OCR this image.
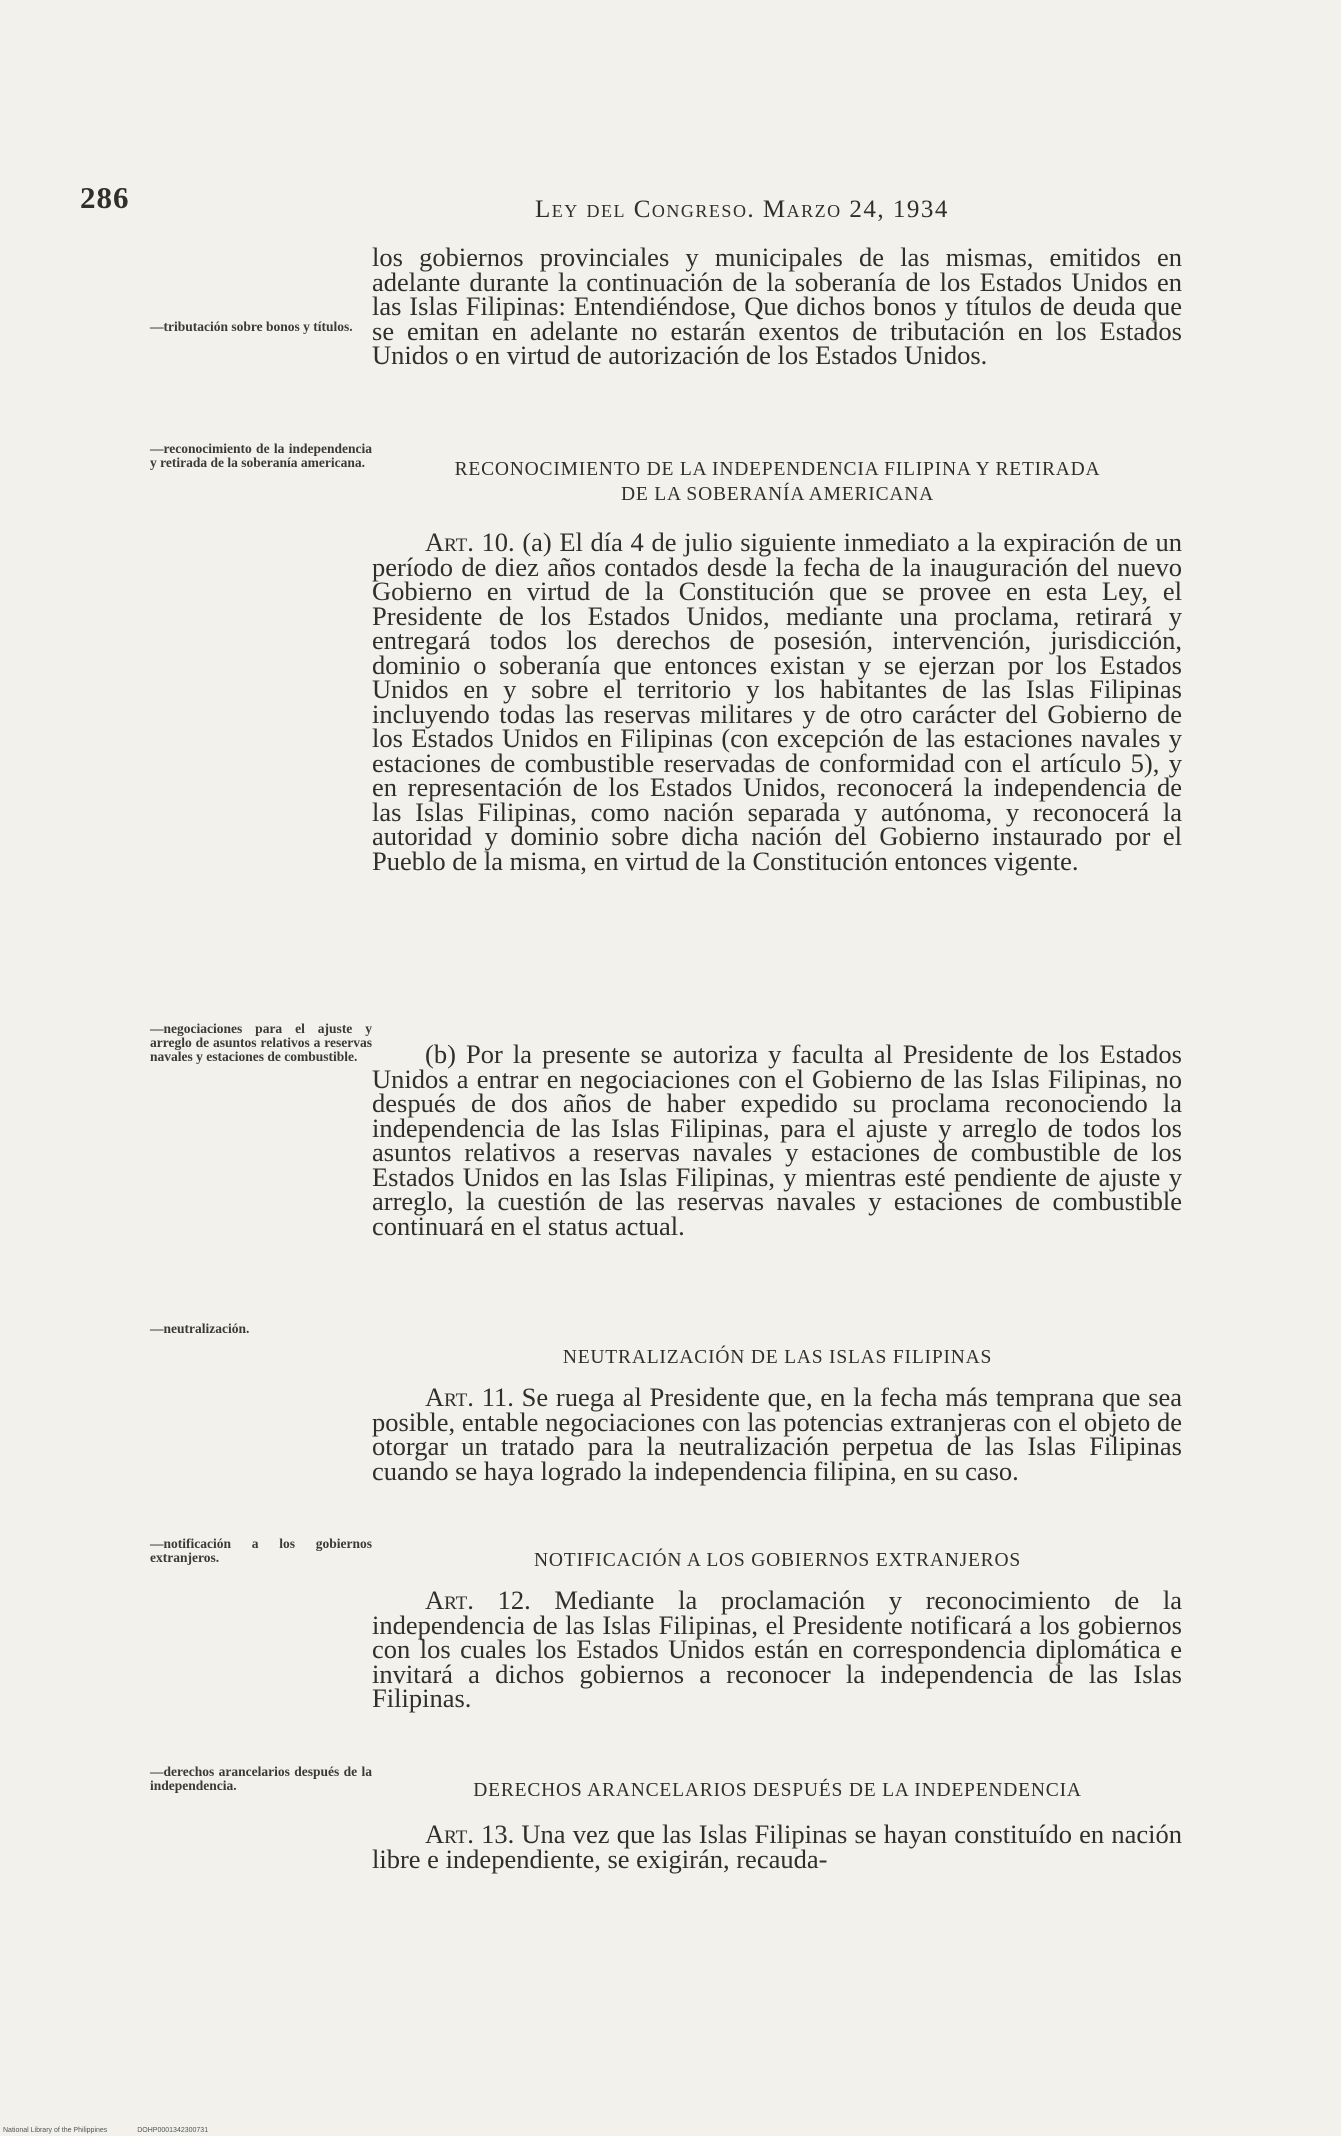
286	Ley del Congreso. Marzo 24, 1934

los gobiernos provinciales y municipales de las mismas, emitidos en adelante durante la continuación de la soberanía de los Estados Unidos en las Islas Filipinas: Entendiéndose, Que dichos bonos y títulos de deuda que se emitan en adelante no estarán exentos de tributación en los Estados Unidos o en virtud de autorización de los Estados Unidos.

—tributación sobre bonos y títulos.
—reconocimiento de la independencia y retirada de la soberanía americana.	RECONOCIMIENTO DE LA INDEPENDENCIA FILIPINA Y RETIRADA
DE LA SOBERANÍA AMERICANA

Art. 10. (a) El día 4 de julio siguiente inmediato a la expiración de un período de diez años contados desde la fecha de la inauguración del nuevo Gobierno en virtud de la Constitución que se provee en esta Ley, el Presidente de los Estados Unidos, mediante una proclama, retirará y entregará todos los derechos de posesión, intervención, jurisdicción, dominio o soberanía que entonces existan y se ejerzan por los Estados Unidos en y sobre el territorio y los habitantes de las Islas Filipinas incluyendo todas las reservas militares y de otro carácter del Gobierno de los Estados Unidos en Filipinas (con excepción de las estaciones navales y estaciones de combustible reservadas de conformidad con el artículo 5), y en representación de los Estados Unidos, reconocerá la independencia de las Islas Filipinas, como nación separada y autónoma, y reconocerá la autoridad y dominio sobre dicha nación del Gobierno instaurado por el Pueblo de la misma, en virtud de la Constitución entonces vigente.

—negociaciones para el ajuste y arreglo de asuntos relativos a reservas navales y estaciones de combustible.	(b) Por la presente se autoriza y faculta al Presidente de los Estados Unidos a entrar en negociaciones con el Gobierno de las Islas Filipinas, no después de dos años de haber expedido su proclama reconociendo la independencia de las Islas Filipinas, para el ajuste y arreglo de todos los asuntos relativos a reservas navales y estaciones de combustible de los Estados Unidos en las Islas Filipinas, y mientras esté pendiente de ajuste y arreglo, la cuestión de las reservas navales y estaciones de combustible continuará en el status actual.

—neutralización.
NEUTRALIZACIÓN DE LAS ISLAS FILIPINAS

Art. 11. Se ruega al Presidente que, en la fecha más temprana que sea posible, entable negociaciones con las potencias extranjeras con el objeto de otorgar un tratado para la neutralización perpetua de las Islas Filipinas cuando se haya logrado la independencia filipina, en su caso.

—notificación a los gobiernos extranjeros.	NOTIFICACIÓN A LOS GOBIERNOS EXTRANJEROS

Art. 12. Mediante la proclamación y reconocimiento de la independencia de las Islas Filipinas, el Presidente notificará a los gobiernos con los cuales los Estados Unidos están en correspondencia diplomática e invitará a dichos gobiernos a reconocer la independencia de las Islas Filipinas.

—derechos arancelarios después de la independencia.	DERECHOS ARANCELARIOS DESPUÉS DE LA INDEPENDENCIA

Art. 13. Una vez que las Islas Filipinas se hayan constituído en nación libre e independiente, se exigirán, recauda-

National Library of the Philippines	DOHP0001342300731
